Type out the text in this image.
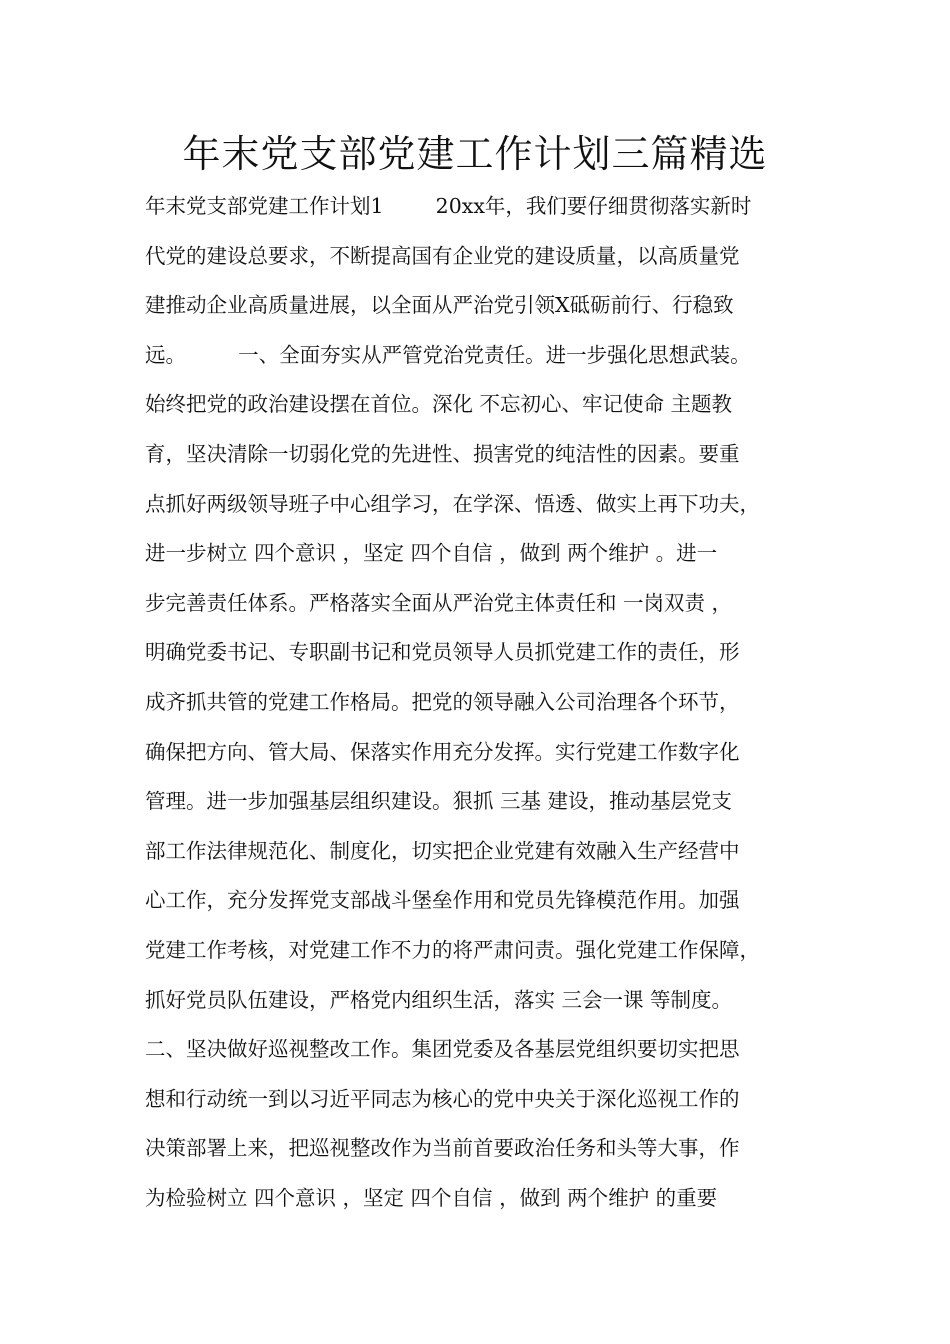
年末党支部党建工作计划三篇精选
年末党支部党建工作计划1        20xx年，我们要仔细贯彻落实新时
代党的建设总要求，不断提高国有企业党的建设质量，以高质量党
建推动企业高质量进展，以全面从严治党引领X砥砺前行、行稳致
远。        一、全面夯实从严管党治党责任。进一步强化思想武装。
始终把党的政治建设摆在首位。深化 不忘初心、牢记使命 主题教
育，坚决清除一切弱化党的先进性、损害党的纯洁性的因素。要重
点抓好两级领导班子中心组学习，在学深、悟透、做实上再下功夫，
进一步树立 四个意识 ，坚定 四个自信 ，做到 两个维护 。进一
步完善责任体系。严格落实全面从严治党主体责任和 一岗双责 ，
明确党委书记、专职副书记和党员领导人员抓党建工作的责任，形
成齐抓共管的党建工作格局。把党的领导融入公司治理各个环节，
确保把方向、管大局、保落实作用充分发挥。实行党建工作数字化
管理。进一步加强基层组织建设。狠抓 三基 建设，推动基层党支
部工作法律规范化、制度化，切实把企业党建有效融入生产经营中
心工作，充分发挥党支部战斗堡垒作用和党员先锋模范作用。加强
党建工作考核，对党建工作不力的将严肃问责。强化党建工作保障，
抓好党员队伍建设，严格党内组织生活，落实 三会一课 等制度。
二、坚决做好巡视整改工作。集团党委及各基层党组织要切实把思
想和行动统一到以习近平同志为核心的党中央关于深化巡视工作的
决策部署上来，把巡视整改作为当前首要政治任务和头等大事，作
为检验树立 四个意识 ，坚定 四个自信 ，做到 两个维护 的重要
